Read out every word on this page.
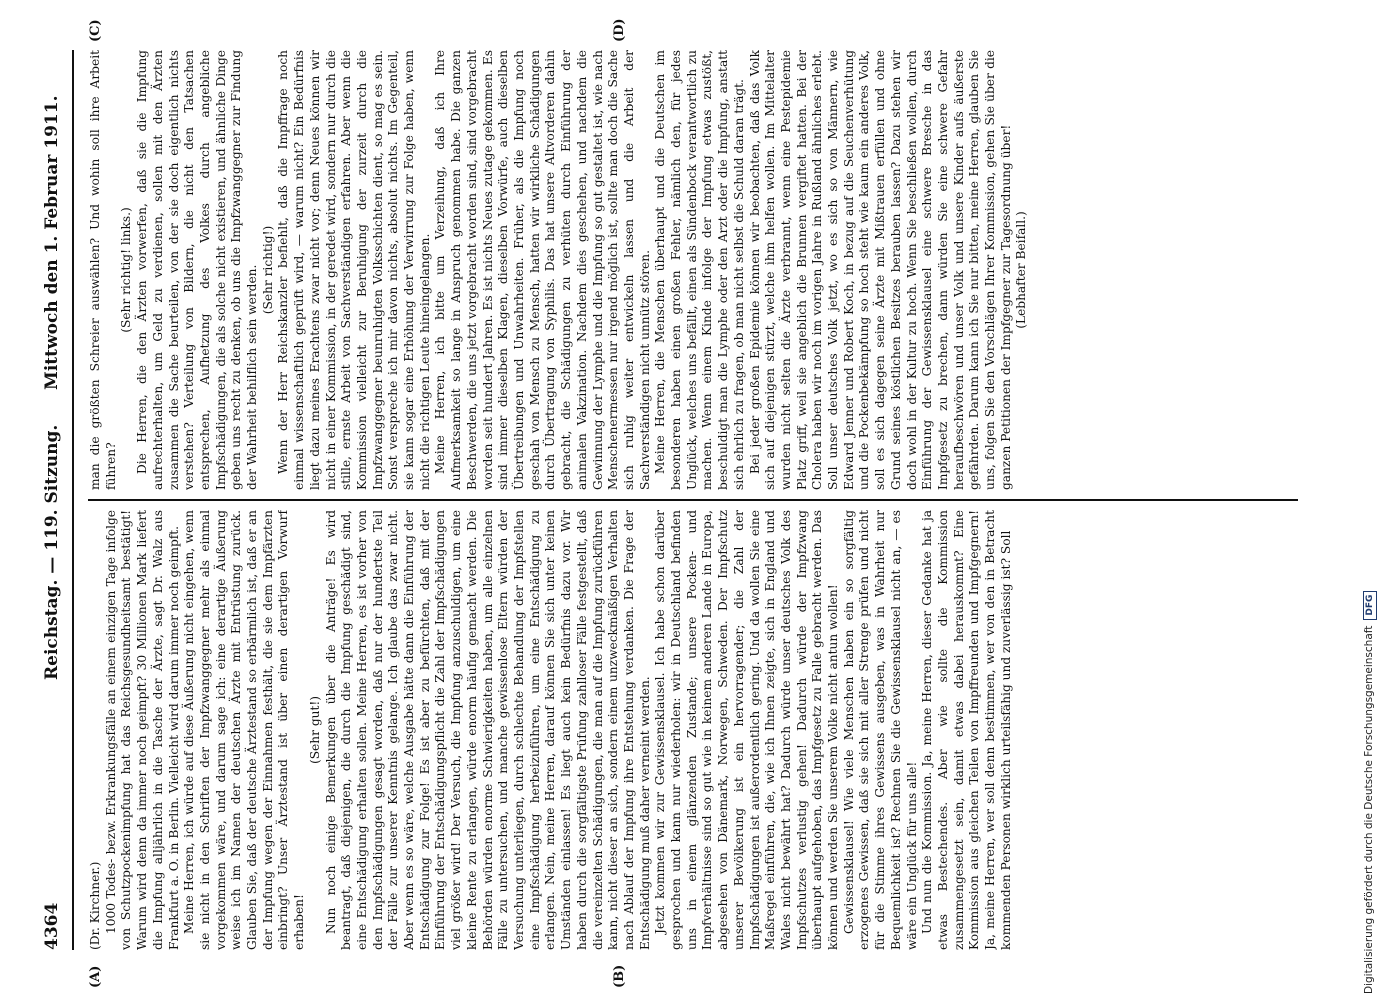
4364
Reichstag. — 119. Sitzung.
Mittwoch den 1. Februar 1911.
(A)	(B)
(C)	(D)

(Dr. Kirchner.) 1000 Todes- bezw. Erkrankungsfälle an einem einzigen Tage infolge von Schutzpockenimpfung hat das Reichsgesundheitsamt bestätigt! Warum wird denn da immer noch geimpft? 30 Millionen Mark liefert die Impfung alljährlich in die Tasche der Ärzte, sagt Dr. Walz aus Frankfurt a. O. in Berlin. Vielleicht wird darum immer noch geimpft. Meine Herren, ich würde auf diese Äußerung nicht eingehen, wenn sie nicht in den Schriften der Impfzwanggegner mehr als einmal vorgekommen wäre, und darum sage ich: eine derartige Äußerung weise ich im Namen der deutschen Ärzte mit Entrüstung zurück. Glauben Sie, daß der deutsche Ärztestand so erbärmlich ist, daß er an der Impfung wegen der Einnahmen festhält, die sie dem Impfärzten einbringt? Unser Ärztestand ist über einen derartigen Vorwurf erhaben!

(Sehr gut!) Nun noch einige Bemerkungen über die Anträge! Es wird beantragt, daß diejenigen, die durch die Impfung geschädigt sind, eine Entschädigung erhalten sollen. Meine Herren, es ist vorher von den Impfschädigungen gesagt worden, daß nur der hundertste Teil der Fälle zur unserer Kenntnis gelange. Ich glaube das zwar nicht. Aber wenn es so wäre, welche Ausgabe hätte dann die Einführung der Entschädigung zur Folge! Es ist aber zu befürchten, daß mit der Einführung der Entschädigungspflicht die Zahl der Impfschädigungen viel größer wird! Der Versuch, die Impfung anzuschuldigen, um eine kleine Rente zu erlangen, würde enorm häufig gemacht werden. Die Behörden würden enorme Schwierigkeiten haben, um alle einzelnen Fälle zu untersuchen, und manche gewissenlose Eltern würden der Versuchung unterliegen, durch schlechte Behandlung der Impfstellen eine Impfschädigung herbeizuführen, um eine Entschädigung zu erlangen. Nein, meine Herren, darauf können Sie sich unter keinen Umständen einlassen! Es liegt auch kein Bedürfnis dazu vor. Wir haben durch die sorgfältigste Prüfung zahlloser Fälle festgestellt, daß die vereinzelten Schädigungen, die man auf die Impfung zurückführen kann, nicht dieser an sich, sondern einem unzweckmäßigen Verhalten nach Ablauf der Impfung ihre Entstehung verdanken. Die Frage der Entschädigung muß daher verneint werden. Jetzt kommen wir zur Gewissensklausel. Ich habe schon darüber gesprochen und kann nur wiederholen: wir in Deutschland befinden uns in einem glänzenden Zustande; unsere Pocken- und Impfverhältnisse sind so gut wie in keinem anderen Lande in Europa, abgesehen von Dänemark, Norwegen, Schweden. Der Impfschutz unserer Bevölkerung ist ein hervorragender; die Zahl der Impfschädigungen ist außerordentlich gering. Und da wollen Sie eine Maßregel einführen, die, wie ich Ihnen zeigte, sich in England und Wales nicht bewährt hat? Dadurch würde unser deutsches Volk des Impfschutzes verlustig gehen! Dadurch würde der Impfzwang überhaupt aufgehoben, das Impfgesetz zu Falle gebracht werden. Das können und werden Sie unserem Volke nicht antun wollen! Gewissensklausel! Wie viele Menschen haben ein so sorgfältig erzogenes Gewissen, daß sie sich mit aller Strenge prüfen und nicht für die Stimme ihres Gewissens ausgeben, was in Wahrheit nur Bequemlichkeit ist? Rechnen Sie die Gewissensklausel nicht an, — es wäre ein Unglück für uns alle! Und nun die Kommission. Ja, meine Herren, dieser Gedanke hat ja etwas Bestechendes. Aber wie sollte die Kommission zusammengesetzt sein, damit etwas dabei herauskommt? Eine Kommission aus gleichen Teilen von Impffreunden und Impfgegnern! Ja, meine Herren, wer soll denn bestimmen, wer von den in Betracht kommenden Personen wirklich urteilsfähig und zuverlässig ist? Soll

man die größten Schreier auswählen? Und wohin soll ihre Arbeit führen?

(Sehr richtig! links.) Die Herren, die den Ärzten vorwerfen, daß sie die Impfung aufrechterhalten, um Geld zu verdienen, sollen mit den Ärzten zusammen die Sache beurteilen, von der sie doch eigentlich nichts verstehen? Verteilung von Bildern, die nicht den Tatsachen entsprechen, Aufhetzung des Volkes durch angebliche Impfschädigungen, die als solche nicht existieren, und ähnliche Dinge geben uns recht zu denken, ob uns die Impfzwanggegner zur Findung der Wahrheit behilflich sein werden. (Sehr richtig!) Wenn der Herr Reichskanzler befiehlt, daß die Impffrage noch einmal wissenschaftlich geprüft wird, — warum nicht? Ein Bedürfnis liegt dazu meines Erachtens zwar nicht vor; denn Neues können wir nicht in einer Kommission, in der geredet wird, sondern nur durch die stille, ernste Arbeit von Sachverständigen erfahren. Aber wenn die Kommission vielleicht zur Beruhigung der zurzeit durch die Impfzwanggegner beunruhigten Volksschichten dient, so mag es sein. Sonst verspreche ich mir davon nichts, absolut nichts. Im Gegenteil, sie kann sogar eine Erhöhung der Verwirrung zur Folge haben, wenn nicht die richtigen Leute hineingelangen. Meine Herren, ich bitte um Verzeihung, daß ich Ihre Aufmerksamkeit so lange in Anspruch genommen habe. Die ganzen Beschwerden, die uns jetzt vorgebracht worden sind, sind vorgebracht worden seit hundert Jahren. Es ist nichts Neues zutage gekommen. Es sind immer dieselben Klagen, dieselben Vorwürfe, auch dieselben Übertreibungen und Unwahrheiten. Früher, als die Impfung noch geschah von Mensch zu Mensch, hatten wir wirkliche Schädigungen durch Übertragung von Syphilis. Das hat unsere Altvorderen dahin gebracht, die Schädigungen zu verhüten durch Einführung der animalen Vakzination. Nachdem dies geschehen, und nachdem die Gewinnung der Lymphe und die Impfung so gut gestaltet ist, wie nach Menschenermessen nur irgend möglich ist, sollte man doch die Sache sich ruhig weiter entwickeln lassen und die Arbeit der Sachverständigen nicht unnütz stören. Meine Herren, die Menschen überhaupt und die Deutschen im besonderen haben einen großen Fehler, nämlich den, für jedes Unglück, welches uns befällt, einen als Sündenbock verantwortlich zu machen. Wenn einem Kinde infolge der Impfung etwas zustößt, beschuldigt man die Lymphe oder den Arzt oder die Impfung, anstatt sich ehrlich zu fragen, ob man nicht selbst die Schuld daran trägt. Bei jeder großen Epidemie können wir beobachten, daß das Volk sich auf diejenigen stürzt, welche ihm helfen wollen. Im Mittelalter wurden nicht selten die Ärzte verbrannt, wenn eine Pestepidemie Platz griff, weil sie angeblich die Brunnen vergiftet hatten. Bei der Cholera haben wir noch im vorigen Jahre in Rußland ähnliches erlebt. Soll unser deutsches Volk jetzt, wo es sich so von Männern, wie Edward Jenner und Robert Koch, in bezug auf die Seuchenverhütung und die Pockenbekämpfung so hoch steht wie kaum ein anderes Volk, soll es sich dagegen seine Ärzte mit Mißtrauen erfüllen und ohne Grund seines köstlichen Besitzes berauben lassen? Dazu stehen wir doch wohl in der Kultur zu hoch. Wenn Sie beschließen wollen, durch Einführung der Gewissensklausel eine schwere Bresche in das Impfgesetz zu brechen, dann würden Sie eine schwere Gefahr heraufbeschwören und unser Volk und unsere Kinder aufs äußerste gefährden. Darum kann ich Sie nur bitten, meine Herren, glauben Sie uns, folgen Sie den Vorschlägen Ihrer Kommission, gehen Sie über die ganzen Petitionen der Impfgegner zur Tagesordnung über! (Lebhafter Beifall.)

Digitalisierung gefördert durch die Deutsche ForschungsgemeinschaftDFG
